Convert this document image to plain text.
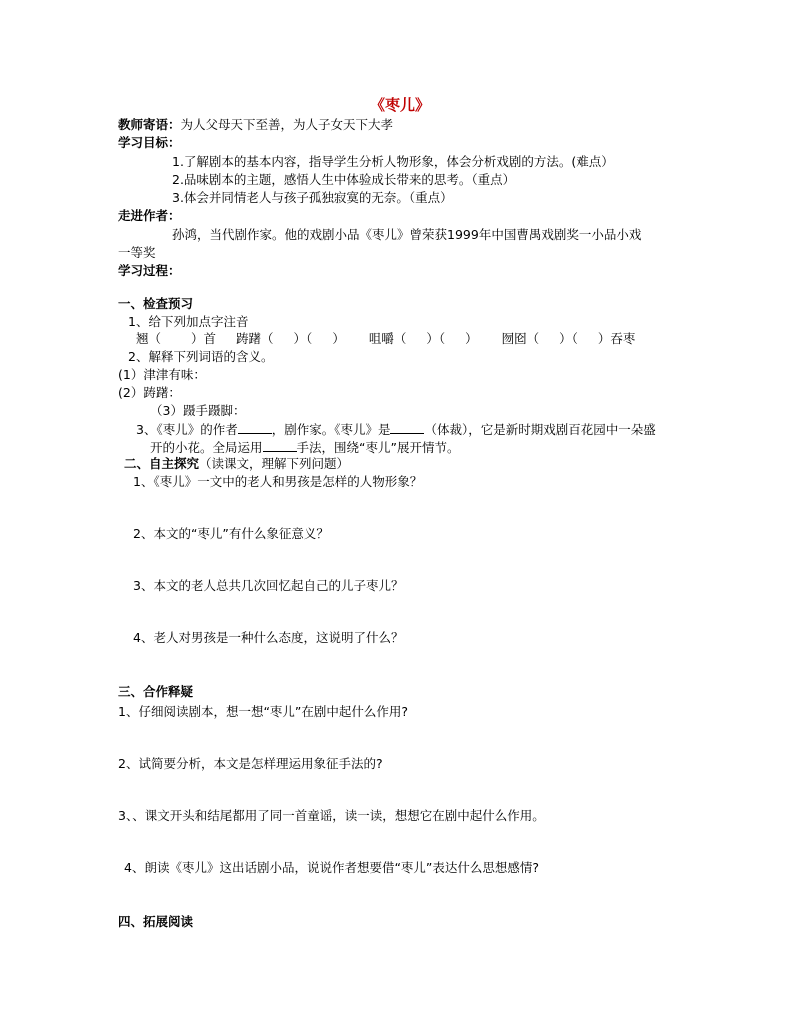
《枣儿》
教师寄语：为人父母天下至善，为人子女天下大孝
学习目标：
1.了解剧本的基本内容，指导学生分析人物形象，体会分析戏剧的方法。(难点）
2.品味剧本的主题，感悟人生中体验成长带来的思考。（重点）
3.体会并同情老人与孩子孤独寂寞的无奈。（重点）
走进作者：
孙鸿，当代剧作家。他的戏剧小品《枣儿》曾荣获1999年中国曹禺戏剧奖一小品小戏
一等奖
学习过程：
一、检查预习
1、给下列加点字注音
翘（ ）首 踌躇（ ）（ ） 咀嚼（ ）（ ） 囫囵（ ）（ ）吞枣
2、解释下列词语的含义。
(1）津津有味：
(2）踌躇：
（3）蹑手蹑脚：
3、《枣儿》的作者	，剧作家。《枣儿》是	（体裁），它是新时期戏剧百花园中一朵盛
开的小花。全局运用	手法，围绕“枣儿”展开情节。
二、自主探究（读课文，理解下列问题）
1、《枣儿》一文中的老人和男孩是怎样的人物形象？
2、本文的“枣儿”有什么象征意义？
3、本文的老人总共几次回忆起自己的儿子枣儿？
4、老人对男孩是一种什么态度，这说明了什么？
三、合作释疑
1、仔细阅读剧本，想一想“枣儿”在剧中起什么作用?
2、试简要分析，本文是怎样理运用象征手法的?
3、、课文开头和结尾都用了同一首童谣，读一读，想想它在剧中起什么作用。
4、朗读《枣儿》这出话剧小品，说说作者想要借“枣儿”表达什么思想感情?
四、拓展阅读
